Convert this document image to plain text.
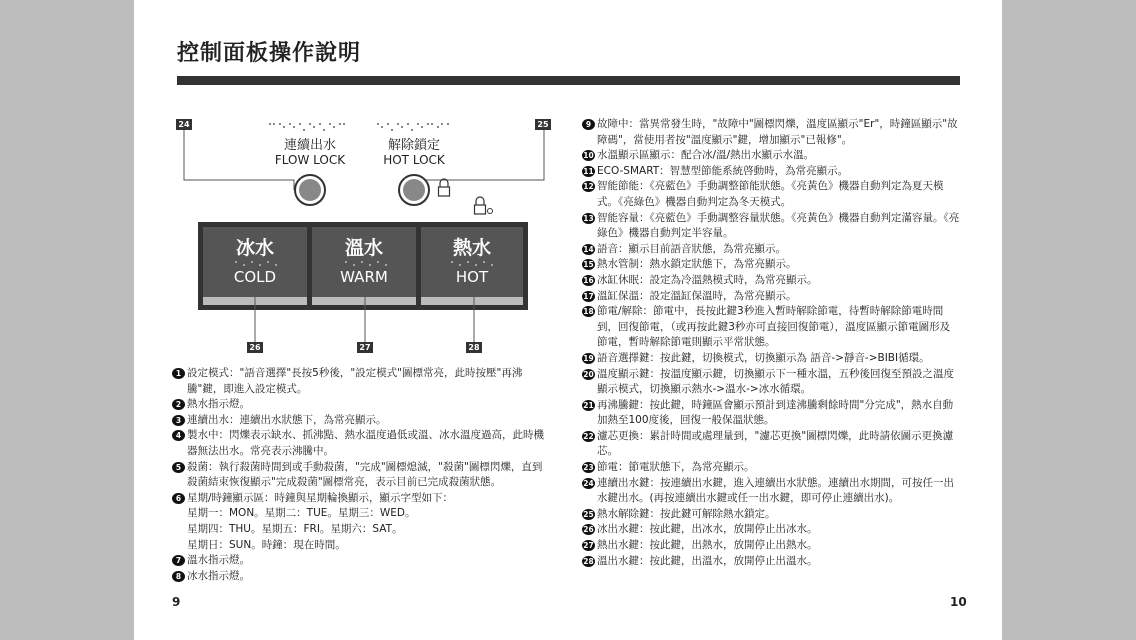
控制面板操作說明
24	25
26	27	28
連續出水
FLOW LOCK
解除鎖定
HOT LOCK
冰水
COLD
溫水
WARM
熱水
HOT
1 設定模式："語音選擇"長按5秒後，"設定模式"圖標常亮，此時按壓"再沸騰"鍵，即進入設定模式。
2 熱水指示燈。
3 連續出水：連續出水狀態下，為常亮顯示。
4 製水中：閃爍表示缺水、抓沸點、熱水溫度過低或溫、冰水溫度過高，此時機器無法出水。常亮表示沸騰中。
5 殺菌：執行殺菌時間到或手動殺菌，"完成"圖標熄滅，"殺菌"圖標閃爍，直到殺菌結束恢復顯示"完成殺菌"圖標常亮，表示目前已完成殺菌狀態。
6 星期/時鐘顯示區：時鐘與星期輪換顯示，顯示字型如下：
星期一：MON。星期二：TUE。星期三：WED。
星期四：THU。星期五：FRI。星期六：SAT。
星期日：SUN。時鐘：現在時間。
7 溫水指示燈。
8 冰水指示燈。
9 故障中：當異常發生時，"故障中"圖標閃爍，溫度區顯示"Er"，時鐘區顯示"故障碼"，當使用者按"溫度顯示"鍵，增加顯示"已報修"。
10 水溫顯示區顯示：配合冰/溫/熱出水顯示水溫。
11 ECO-SMART：智慧型節能系統啓動時，為常亮顯示。
12 智能節能：《亮藍色》手動調整節能狀態。《亮黃色》機器自動判定為夏天模式。《亮綠色》機器自動判定為冬天模式。
13 智能容量：《亮藍色》手動調整容量狀態。《亮黃色》機器自動判定滿容量。《亮綠色》機器自動判定半容量。
14 語音：顯示目前語音狀態，為常亮顯示。
15 熱水管制：熱水鎖定狀態下，為常亮顯示。
16 冰缸休眠：設定為冷溫熱模式時，為常亮顯示。
17 溫缸保溫：設定溫缸保溫時，為常亮顯示。
18 節電/解除：節電中，長按此鍵3秒進入暫時解除節電，待暫時解除節電時間到，回復節電，（或再按此鍵3秒亦可直接回復節電），溫度區顯示節電圖形及節電，暫時解除節電則顯示平常狀態。
19 語音選擇鍵：按此鍵，切換模式，切換顯示為 語音->靜音->BIBI循環。
20 溫度顯示鍵：按溫度顯示鍵，切換顯示下一種水溫，五秒後回復至預設之溫度顯示模式，切換顯示熱水->溫水->冰水循環。
21 再沸騰鍵：按此鍵，時鐘區會顯示預計到達沸騰剩餘時間"分完成"，熱水自動加熱至100度後，回復一般保溫狀態。
22 濾芯更換：累計時間或處理量到，"濾芯更換"圖標閃爍，此時請依圖示更換濾芯。
23 節電：節電狀態下，為常亮顯示。
24 連續出水鍵：按連續出水鍵，進入連續出水狀態。連續出水期間，可按任一出水鍵出水。(再按連續出水鍵或任一出水鍵，即可停止連續出水)。
25 熱水解除鍵：按此鍵可解除熱水鎖定。
26 冰出水鍵：按此鍵，出冰水，放開停止出冰水。
27 熱出水鍵：按此鍵，出熱水，放開停止出熱水。
28 溫出水鍵：按此鍵，出溫水，放開停止出溫水。
9	10
